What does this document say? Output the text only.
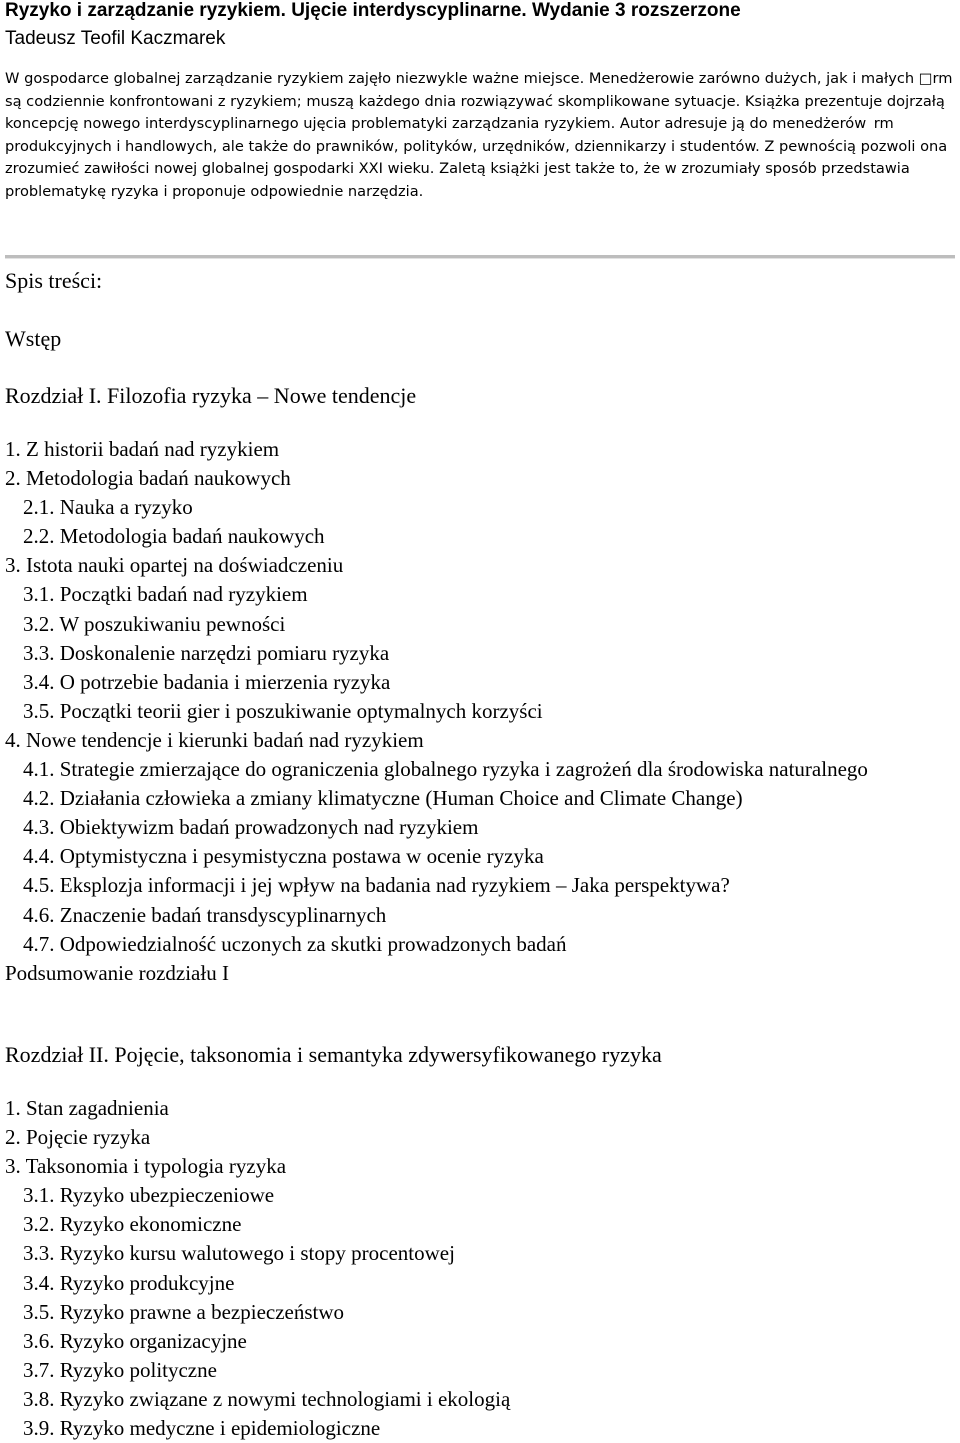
Ryzyko i zarządzanie ryzykiem. Ujęcie interdyscyplinarne. Wydanie 3 rozszerzone
Tadeusz Teofil Kaczmarek

W gospodarce globalnej zarządzanie ryzykiem zajęło niezwykle ważne miejsce. Menedżerowie zarówno dużych, jak i małych □rm są codziennie konfrontowani z ryzykiem; muszą każdego dnia rozwiązywać skomplikowane sytuacje. Książka prezentuje dojrzałą koncepcję nowego interdyscyplinarnego ujęcia problematyki zarządzania ryzykiem. Autor adresuje ją do menedżerów  rm produkcyjnych i handlowych, ale także do prawników, polityków, urzędników, dziennikarzy i studentów. Z pewnością pozwoli ona zrozumieć zawiłości nowej globalnej gospodarki XXI wieku. Zaletą książki jest także to, że w zrozumiały sposób przedstawia problematykę ryzyka i proponuje odpowiednie narzędzia.

Spis treści:
Wstęp
Rozdział I. Filozofia ryzyka – Nowe tendencje
1. Z historii badań nad ryzykiem
2. Metodologia badań naukowych
2.1. Nauka a ryzyko
2.2. Metodologia badań naukowych
3. Istota nauki opartej na doświadczeniu
3.1. Początki badań nad ryzykiem
3.2. W poszukiwaniu pewności
3.3. Doskonalenie narzędzi pomiaru ryzyka
3.4. O potrzebie badania i mierzenia ryzyka
3.5. Początki teorii gier i poszukiwanie optymalnych korzyści
4. Nowe tendencje i kierunki badań nad ryzykiem
4.1. Strategie zmierzające do ograniczenia globalnego ryzyka i zagrożeń dla środowiska naturalnego
4.2. Działania człowieka a zmiany klimatyczne (Human Choice and Climate Change)
4.3. Obiektywizm badań prowadzonych nad ryzykiem
4.4. Optymistyczna i pesymistyczna postawa w ocenie ryzyka
4.5. Eksplozja informacji i jej wpływ na badania nad ryzykiem – Jaka perspektywa?
4.6. Znaczenie badań transdyscyplinarnych
4.7. Odpowiedzialność uczonych za skutki prowadzonych badań
Podsumowanie rozdziału I
Rozdział II. Pojęcie, taksonomia i semantyka zdywersyfikowanego ryzyka
1. Stan zagadnienia
2. Pojęcie ryzyka
3. Taksonomia i typologia ryzyka
3.1. Ryzyko ubezpieczeniowe
3.2. Ryzyko ekonomiczne
3.3. Ryzyko kursu walutowego i stopy procentowej
3.4. Ryzyko produkcyjne
3.5. Ryzyko prawne a bezpieczeństwo
3.6. Ryzyko organizacyjne
3.7. Ryzyko polityczne
3.8. Ryzyko związane z nowymi technologiami i ekologią
3.9. Ryzyko medyczne i epidemiologiczne
